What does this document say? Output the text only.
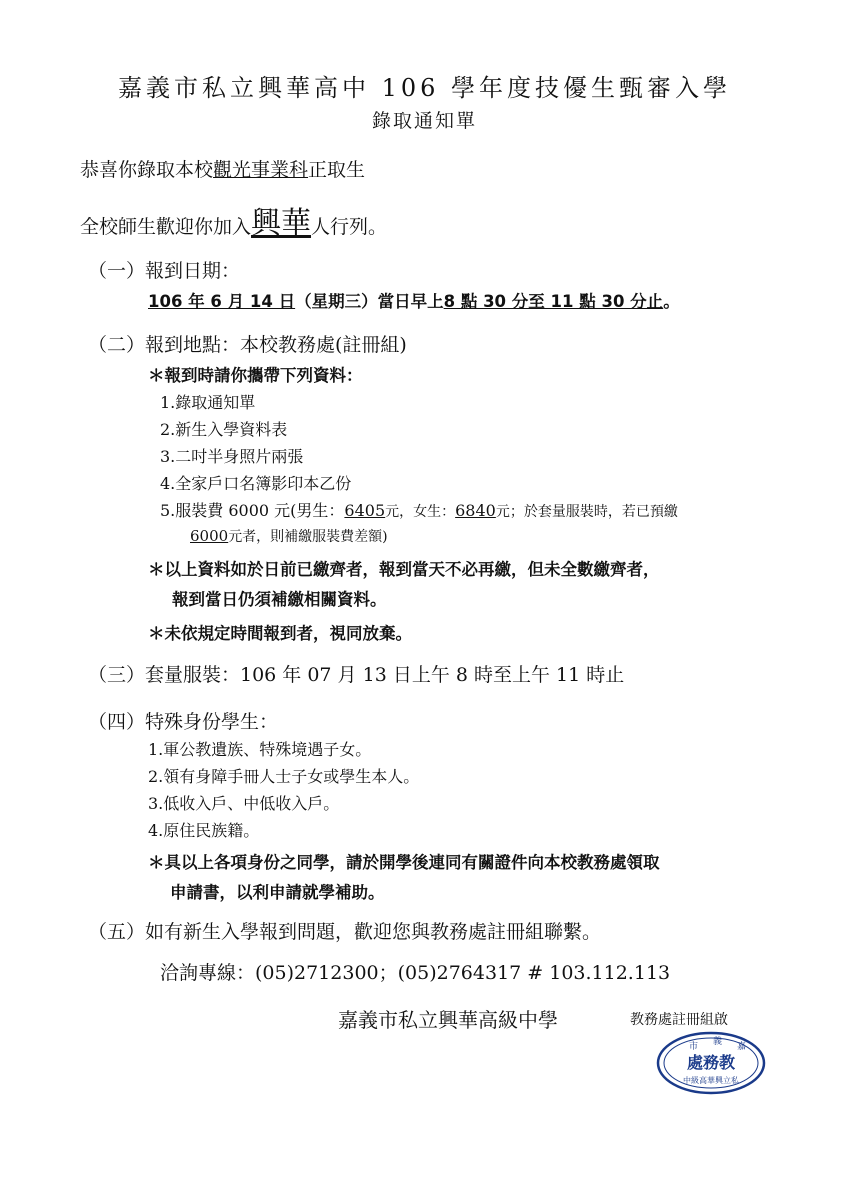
嘉義市私立興華高中 106 學年度技優生甄審入學
錄取通知單
恭喜你錄取本校觀光事業科正取生
全校師生歡迎你加入興華人行列。
（一）報到日期：
106 年 6 月 14 日（星期三）當日早上8 點 30 分至 11 點 30 分止。
（二）報到地點：本校教務處(註冊組)
＊報到時請你攜帶下列資料：
1.錄取通知單
2.新生入學資料表
3.二吋半身照片兩張
4.全家戶口名簿影印本乙份
5.服裝費 6000 元(男生：6405元，女生：6840元；於套量服裝時，若已預繳
6000元者，則補繳服裝費差額)
＊以上資料如於日前已繳齊者，報到當天不必再繳，但未全數繳齊者，
報到當日仍須補繳相關資料。
＊未依規定時間報到者，視同放棄。
（三）套量服裝：106 年 07 月 13 日上午 8 時至上午 11 時止
（四）特殊身份學生：
1.軍公教遺族、特殊境遇子女。
2.領有身障手冊人士子女或學生本人。
3.低收入戶、中低收入戶。
4.原住民族籍。
＊具以上各項身份之同學，請於開學後連同有關證件向本校教務處領取
申請書，以利申請就學補助。
（五）如有新生入學報到問題，歡迎您與教務處註冊組聯繫。
洽詢專線：(05)2712300；(05)2764317 # 103.112.113
嘉義市私立興華高級中學	教務處註冊組啟
市 義 嘉
處務教
中級高華興立私
